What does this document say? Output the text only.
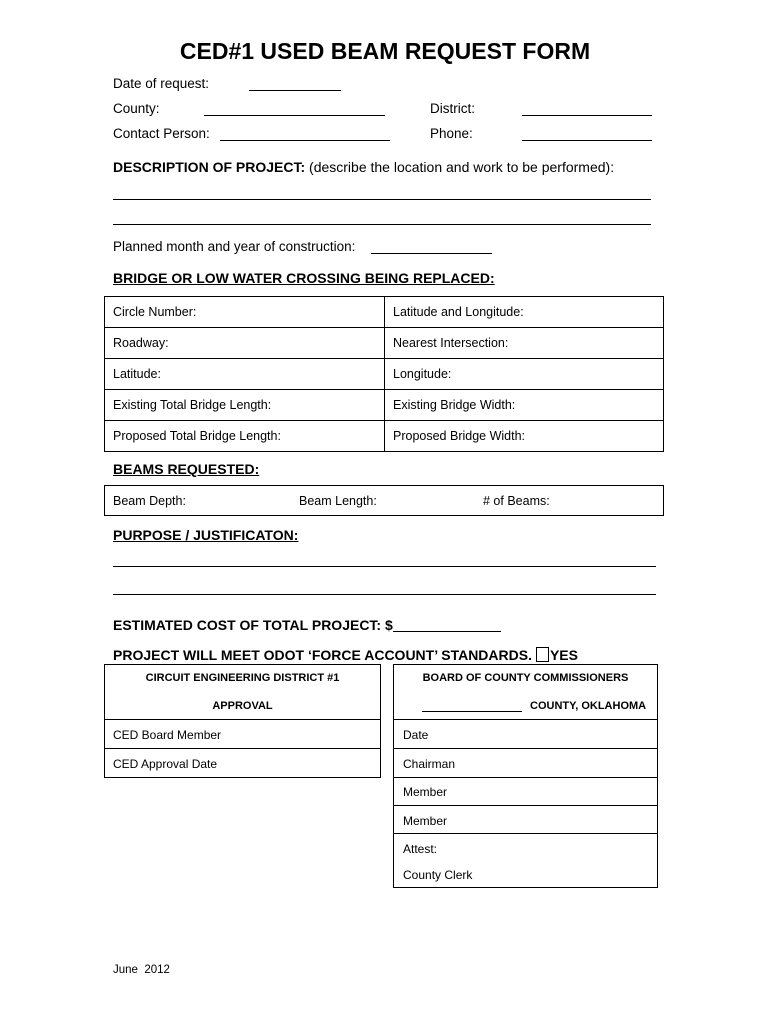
CED#1 USED BEAM REQUEST FORM
Date of request:
County:	District:
Contact Person:	Phone:
DESCRIPTION OF PROJECT: (describe the location and work to be performed):
Planned month and year of construction:
BRIDGE OR LOW WATER CROSSING BEING REPLACED:
Circle Number:	Latitude and Longitude:
Roadway:	Nearest Intersection:
Latitude:	Longitude:
Existing Total Bridge Length:	Existing Bridge Width:
Proposed Total Bridge Length:	Proposed Bridge Width:
BEAMS REQUESTED:
Beam Depth:	Beam Length:	# of Beams:
PURPOSE / JUSTIFICATON:
ESTIMATED COST OF TOTAL PROJECT: $
PROJECT WILL MEET ODOT ‘FORCE ACCOUNT’ STANDARDS. YES
CIRCUIT ENGINEERING DISTRICT #1
APPROVAL
CED Board Member
CED Approval Date
BOARD OF COUNTY COMMISSIONERS
COUNTY, OKLAHOMA
Date
Chairman
Member
Member
Attest:
County Clerk
June  2012
